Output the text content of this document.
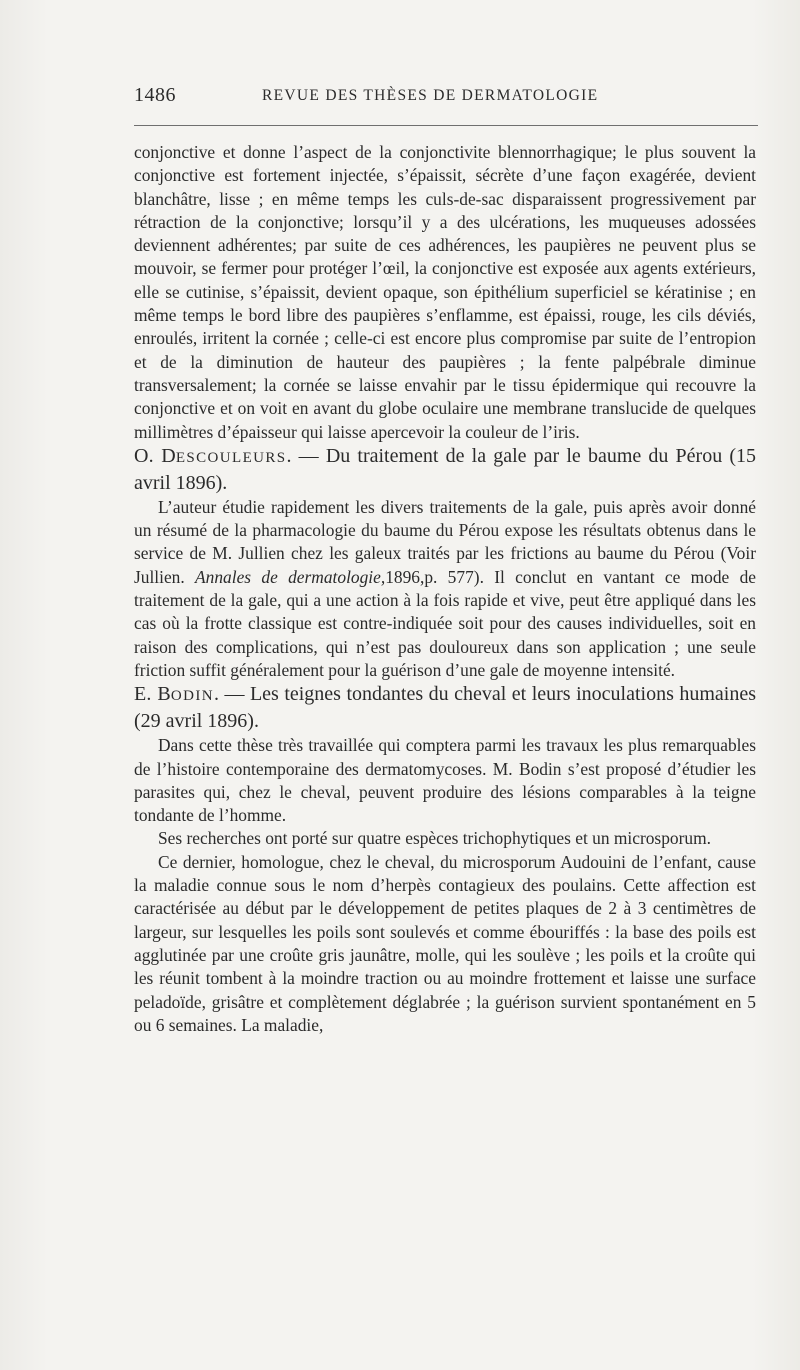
1486	REVUE DES THÈSES DE DERMATOLOGIE

conjonctive et donne l’aspect de la conjonctivite blennorrhagique; le plus souvent la conjonctive est fortement injectée, s’épaissit, sécrète d’une façon exagérée, devient blanchâtre, lisse ; en même temps les culs-de-sac disparaissent progressivement par rétraction de la conjonctive; lorsqu’il y a des ulcérations, les muqueuses adossées deviennent adhérentes; par suite de ces adhérences, les paupières ne peuvent plus se mouvoir, se fermer pour protéger l’œil, la conjonctive est exposée aux agents extérieurs, elle se cutinise, s’épaissit, devient opaque, son épithélium superficiel se kératinise ; en même temps le bord libre des paupières s’enflamme, est épaissi, rouge, les cils déviés, enroulés, irritent la cornée ; celle-ci est encore plus compromise par suite de l’entropion et de la diminution de hauteur des paupières ; la fente palpébrale diminue transversalement; la cornée se laisse envahir par le tissu épidermique qui recouvre la conjonctive et on voit en avant du globe oculaire une membrane translucide de quelques millimètres d’épaisseur qui laisse apercevoir la couleur de l’iris.

O. DESCOULEURS. — Du traitement de la gale par le baume du Pérou (15 avril 1896).

L’auteur étudie rapidement les divers traitements de la gale, puis après avoir donné un résumé de la pharmacologie du baume du Pérou expose les résultats obtenus dans le service de M. Jullien chez les galeux traités par les frictions au baume du Pérou (Voir Jullien. Annales de dermatologie,1896,p. 577). Il conclut en vantant ce mode de traitement de la gale, qui a une action à la fois rapide et vive, peut être appliqué dans les cas où la frotte classique est contre-indiquée soit pour des causes individuelles, soit en raison des complications, qui n’est pas douloureux dans son application ; une seule friction suffit généralement pour la guérison d’une gale de moyenne intensité.

E. BODIN. — Les teignes tondantes du cheval et leurs inoculations humaines (29 avril 1896).

Dans cette thèse très travaillée qui comptera parmi les travaux les plus remarquables de l’histoire contemporaine des dermatomycoses. M. Bodin s’est proposé d’étudier les parasites qui, chez le cheval, peuvent produire des lésions comparables à la teigne tondante de l’homme.

Ses recherches ont porté sur quatre espèces trichophytiques et un microsporum.

Ce dernier, homologue, chez le cheval, du microsporum Audouini de l’enfant, cause la maladie connue sous le nom d’herpès contagieux des poulains. Cette affection est caractérisée au début par le développement de petites plaques de 2 à 3 centimètres de largeur, sur lesquelles les poils sont soulevés et comme ébouriffés : la base des poils est agglutinée par une croûte gris jaunâtre, molle, qui les soulève ; les poils et la croûte qui les réunit tombent à la moindre traction ou au moindre frottement et laisse une surface peladoïde, grisâtre et complètement déglabrée ; la guérison survient spontanément en 5 ou 6 semaines. La maladie,
